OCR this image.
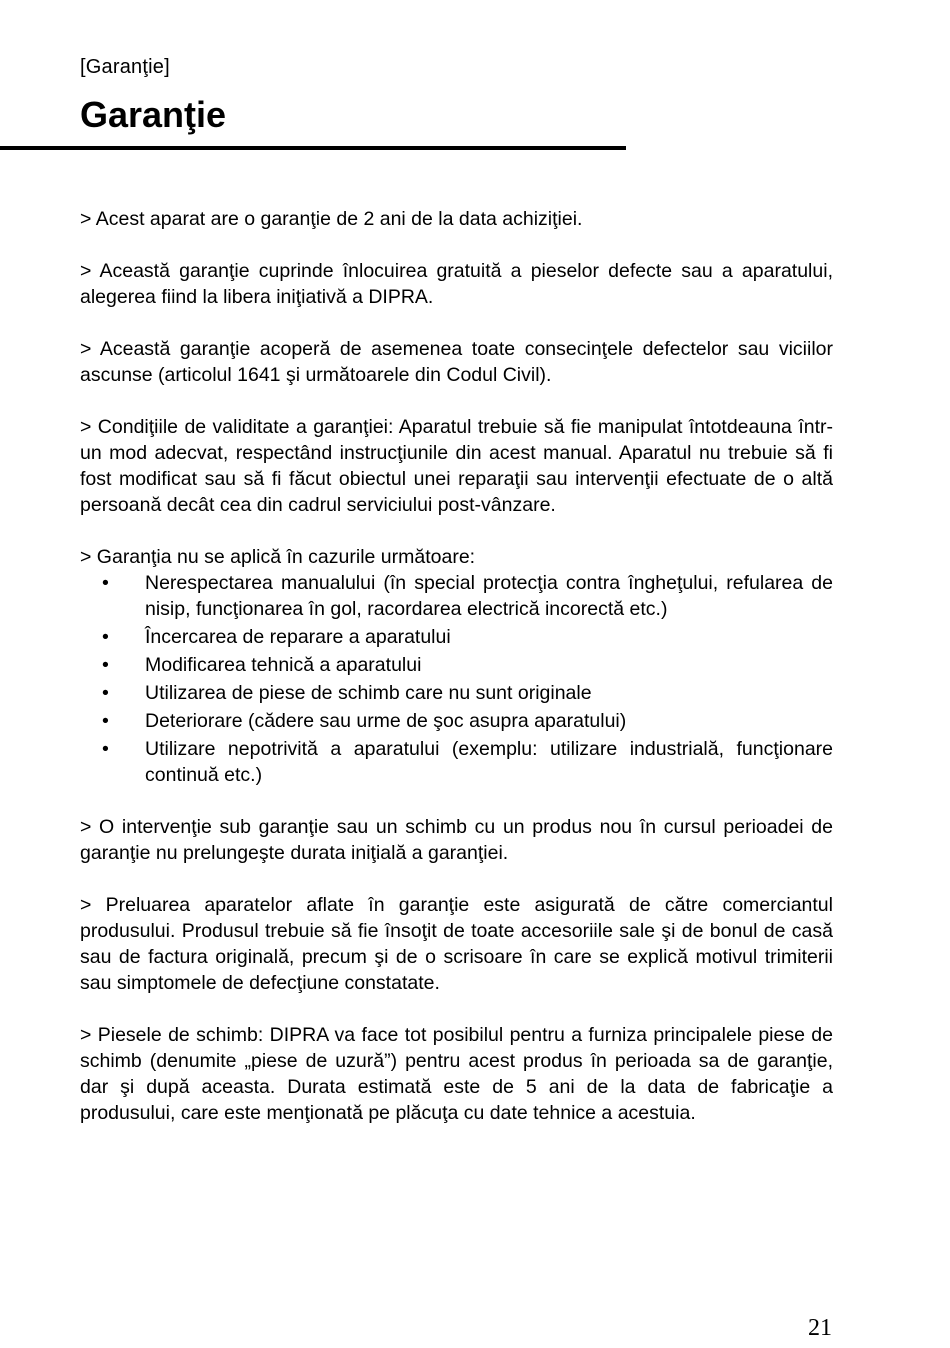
[Garanţie]
Garanţie

> Acest aparat are o garanţie de 2 ani de la data achiziţiei.

> Această garanţie cuprinde înlocuirea gratuită a pieselor defecte sau a aparatului, alegerea fiind la libera iniţiativă a DIPRA.

> Această garanţie acoperă de asemenea toate consecinţele defectelor sau viciilor ascunse (articolul 1641 şi următoarele din Codul Civil).

> Condiţiile de validitate a garanţiei: Aparatul trebuie să fie manipulat întotdeauna într-un mod adecvat, respectând instrucţiunile din acest manual. Aparatul nu trebuie să fi fost modificat sau să fi făcut obiectul unei reparaţii sau intervenţii efectuate de o altă persoană decât cea din cadrul serviciului post-vânzare.

> Garanţia nu se aplică în cazurile următoare:

• Nerespectarea manualului (în special protecţia contra îngheţului, refularea de nisip, funcţionarea în gol, racordarea electrică incorectă etc.)
• Încercarea de reparare a aparatului
• Modificarea tehnică a aparatului
• Utilizarea de piese de schimb care nu sunt originale
• Deteriorare (cădere sau urme de şoc asupra aparatului)
• Utilizare nepotrivită a aparatului (exemplu: utilizare industrială, funcţionare continuă etc.)

> O intervenţie sub garanţie sau un schimb cu un produs nou în cursul perioadei de garanţie nu prelungeşte durata iniţială a garanţiei.

> Preluarea aparatelor aflate în garanţie este asigurată de către comerciantul produsului. Produsul trebuie să fie însoţit de toate accesoriile sale şi de bonul de casă sau de factura originală, precum şi de o scrisoare în care se explică motivul trimiterii sau simptomele de defecţiune constatate.

> Piesele de schimb: DIPRA va face tot posibilul pentru a furniza principalele piese de schimb (denumite „piese de uzură”) pentru acest produs în perioada sa de garanţie, dar şi după aceasta. Durata estimată este de 5 ani de la data de fabricaţie a produsului, care este menţionată pe plăcuţa cu date tehnice a acestuia.

21
